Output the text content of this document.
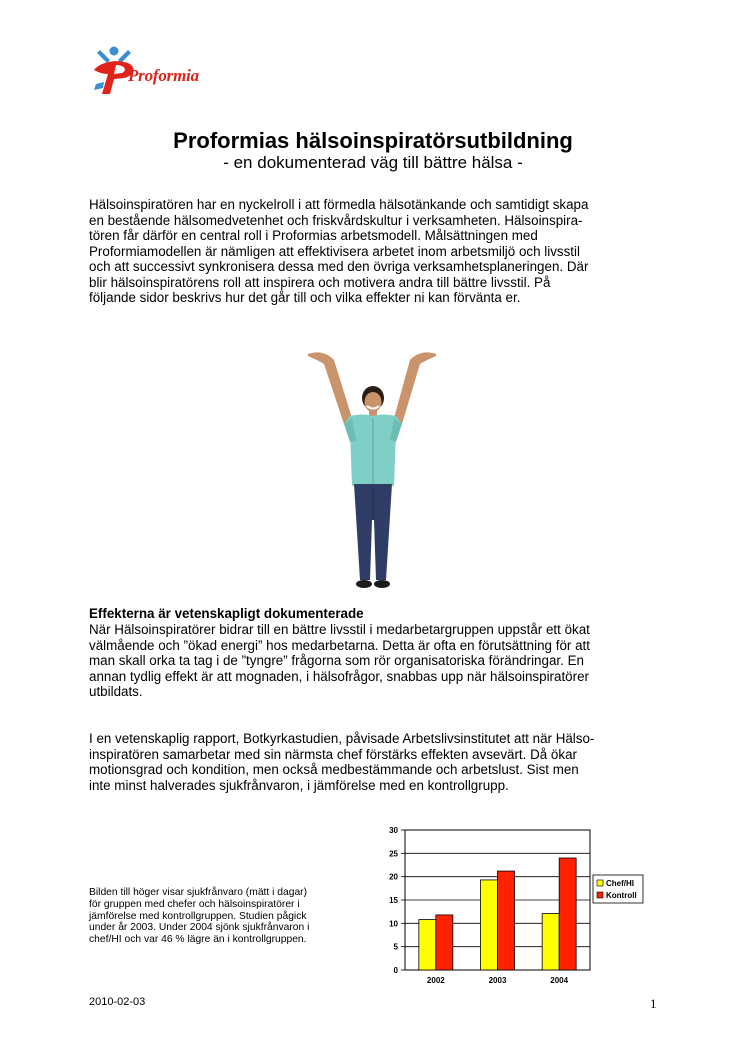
Proformia
Proformias hälsoinspiratörsutbildning
- en dokumenterad väg till bättre hälsa -
Hälsoinspiratören har en nyckelroll i att förmedla hälsotänkande och samtidigt skapa
en bestående hälsomedvetenhet och friskvårdskultur i verksamheten. Hälsoinspira-
tören får därför en central roll i Proformias arbetsmodell. Målsättningen med
Proformiamodellen är nämligen att effektivisera arbetet inom arbetsmiljö och livsstil
och att successivt synkronisera dessa med den övriga verksamhetsplaneringen. Där
blir hälsoinspiratörens roll att inspirera och motivera andra till bättre livsstil. På
följande sidor beskrivs hur det går till och vilka effekter ni kan förvänta er.
Effekterna är vetenskapligt dokumenterade
När Hälsoinspiratörer bidrar till en bättre livsstil i medarbetargruppen uppstår ett ökat
välmående och ”ökad energi” hos medarbetarna. Detta är ofta en förutsättning för att
man skall orka ta tag i de ”tyngre” frågorna som rör organisatoriska förändringar. En
annan tydlig effekt är att mognaden, i hälsofrågor, snabbas upp när hälsoinspiratörer
utbildats.
I en vetenskaplig rapport, Botkyrkastudien, påvisade Arbetslivsinstitutet att när Hälso-
inspiratören samarbetar med sin närmsta chef förstärks effekten avsevärt. Då ökar
motionsgrad och kondition, men också medbestämmande och arbetslust. Sist men
inte minst halverades sjukfrånvaron, i jämförelse med en kontrollgrupp.
Bilden till höger visar sjukfrånvaro (mätt i dagar)
för gruppen med chefer och hälsoinspiratörer i
jämförelse med kontrollgruppen. Studien pågick
under år 2003. Under 2004 sjönk sjukfrånvaron i
chef/HI och var 46 % lägre än i kontrollgruppen.
0
5
10
15
20
25
30
2002	2003	2004
Chef/HI
Kontroll
2010-02-03	1
